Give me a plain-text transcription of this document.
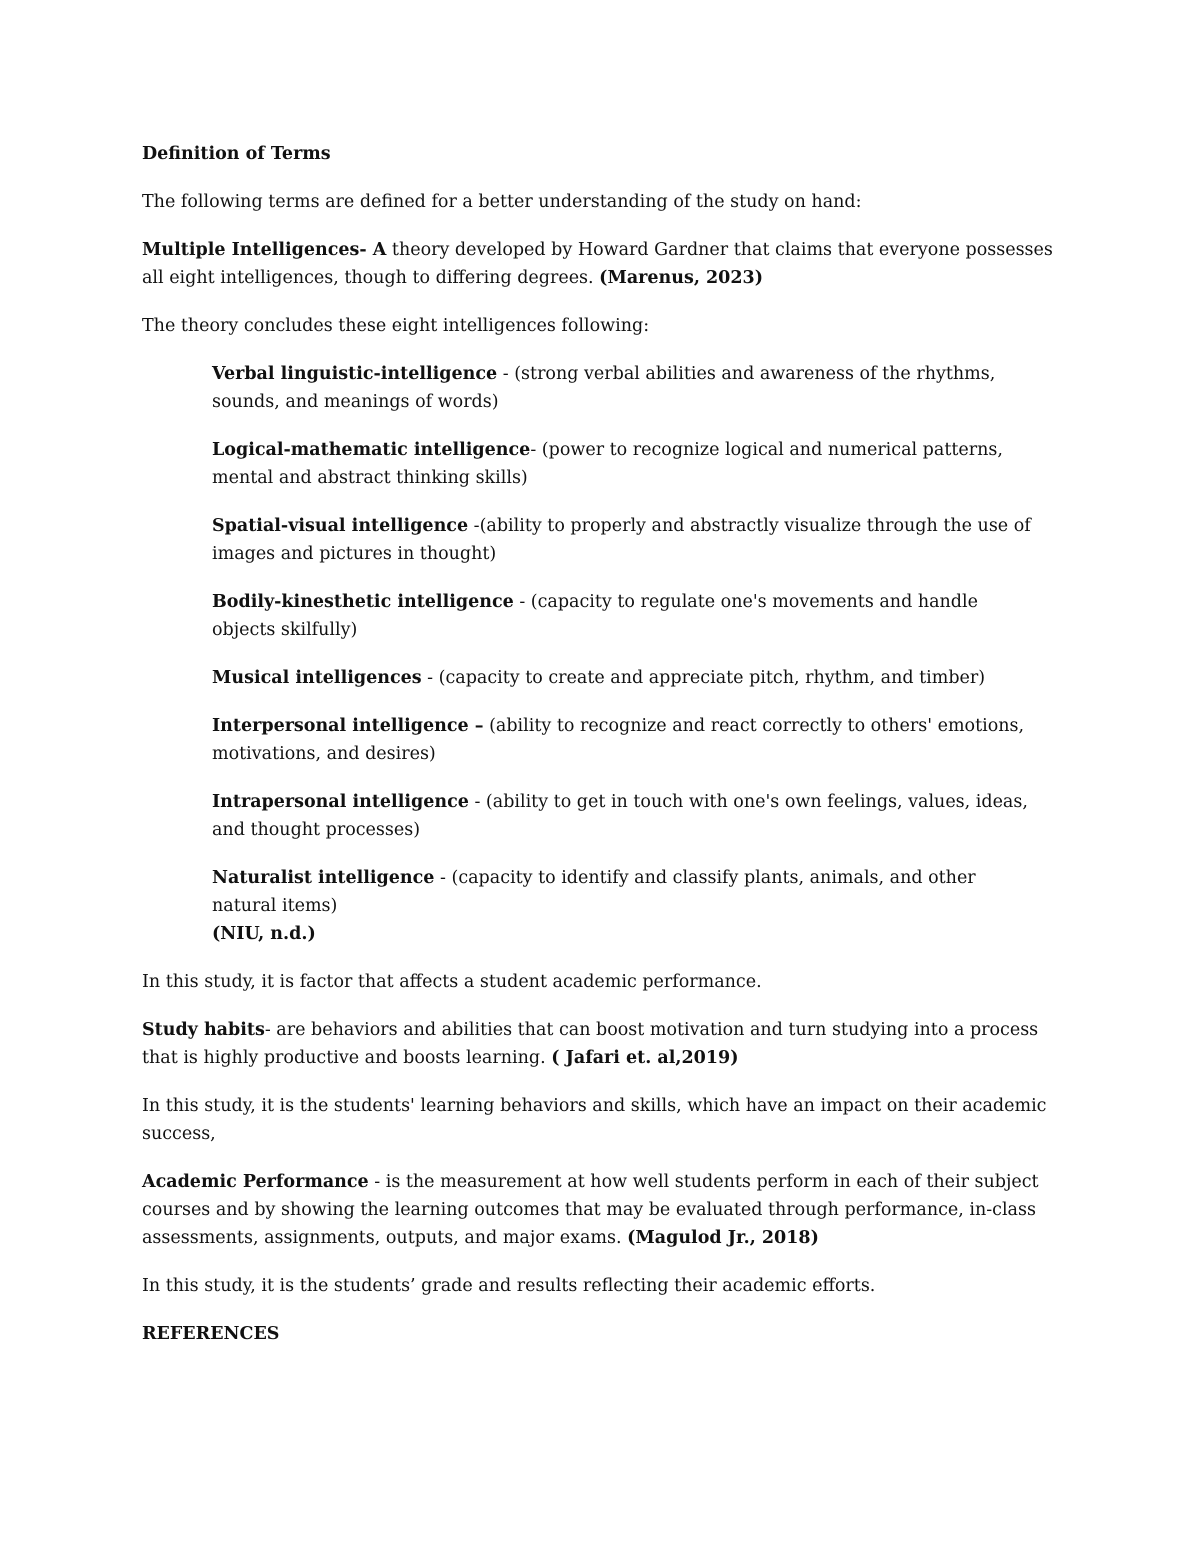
Definition of Terms

The following terms are defined for a better understanding of the study on hand:

Multiple Intelligences- A theory developed by Howard Gardner that claims that everyone possesses all eight intelligences, though to differing degrees. (Marenus, 2023)

The theory concludes these eight intelligences following:

Verbal linguistic-intelligence - (strong verbal abilities and awareness of the rhythms, sounds, and meanings of words)

Logical-mathematic intelligence- (power to recognize logical and numerical patterns, mental and abstract thinking skills)

Spatial-visual intelligence -(ability to properly and abstractly visualize through the use of images and pictures in thought)

Bodily-kinesthetic intelligence - (capacity to regulate one's movements and handle objects skilfully)

Musical intelligences - (capacity to create and appreciate pitch, rhythm, and timber)

Interpersonal intelligence – (ability to recognize and react correctly to others' emotions, motivations, and desires)

Intrapersonal intelligence - (ability to get in touch with one's own feelings, values, ideas, and thought processes)

Naturalist intelligence - (capacity to identify and classify plants, animals, and other natural items)
(NIU, n.d.)

In this study, it is factor that affects a student academic performance.

Study habits- are behaviors and abilities that can boost motivation and turn studying into a process that is highly productive and boosts learning. ( Jafari et. al,2019)

In this study, it is the students' learning behaviors and skills, which have an impact on their academic success,

Academic Performance - is the measurement at how well students perform in each of their subject courses and by showing the learning outcomes that may be evaluated through performance, in-class assessments, assignments, outputs, and major exams. (Magulod Jr., 2018)

In this study, it is the students’ grade and results reflecting their academic efforts.

REFERENCES
